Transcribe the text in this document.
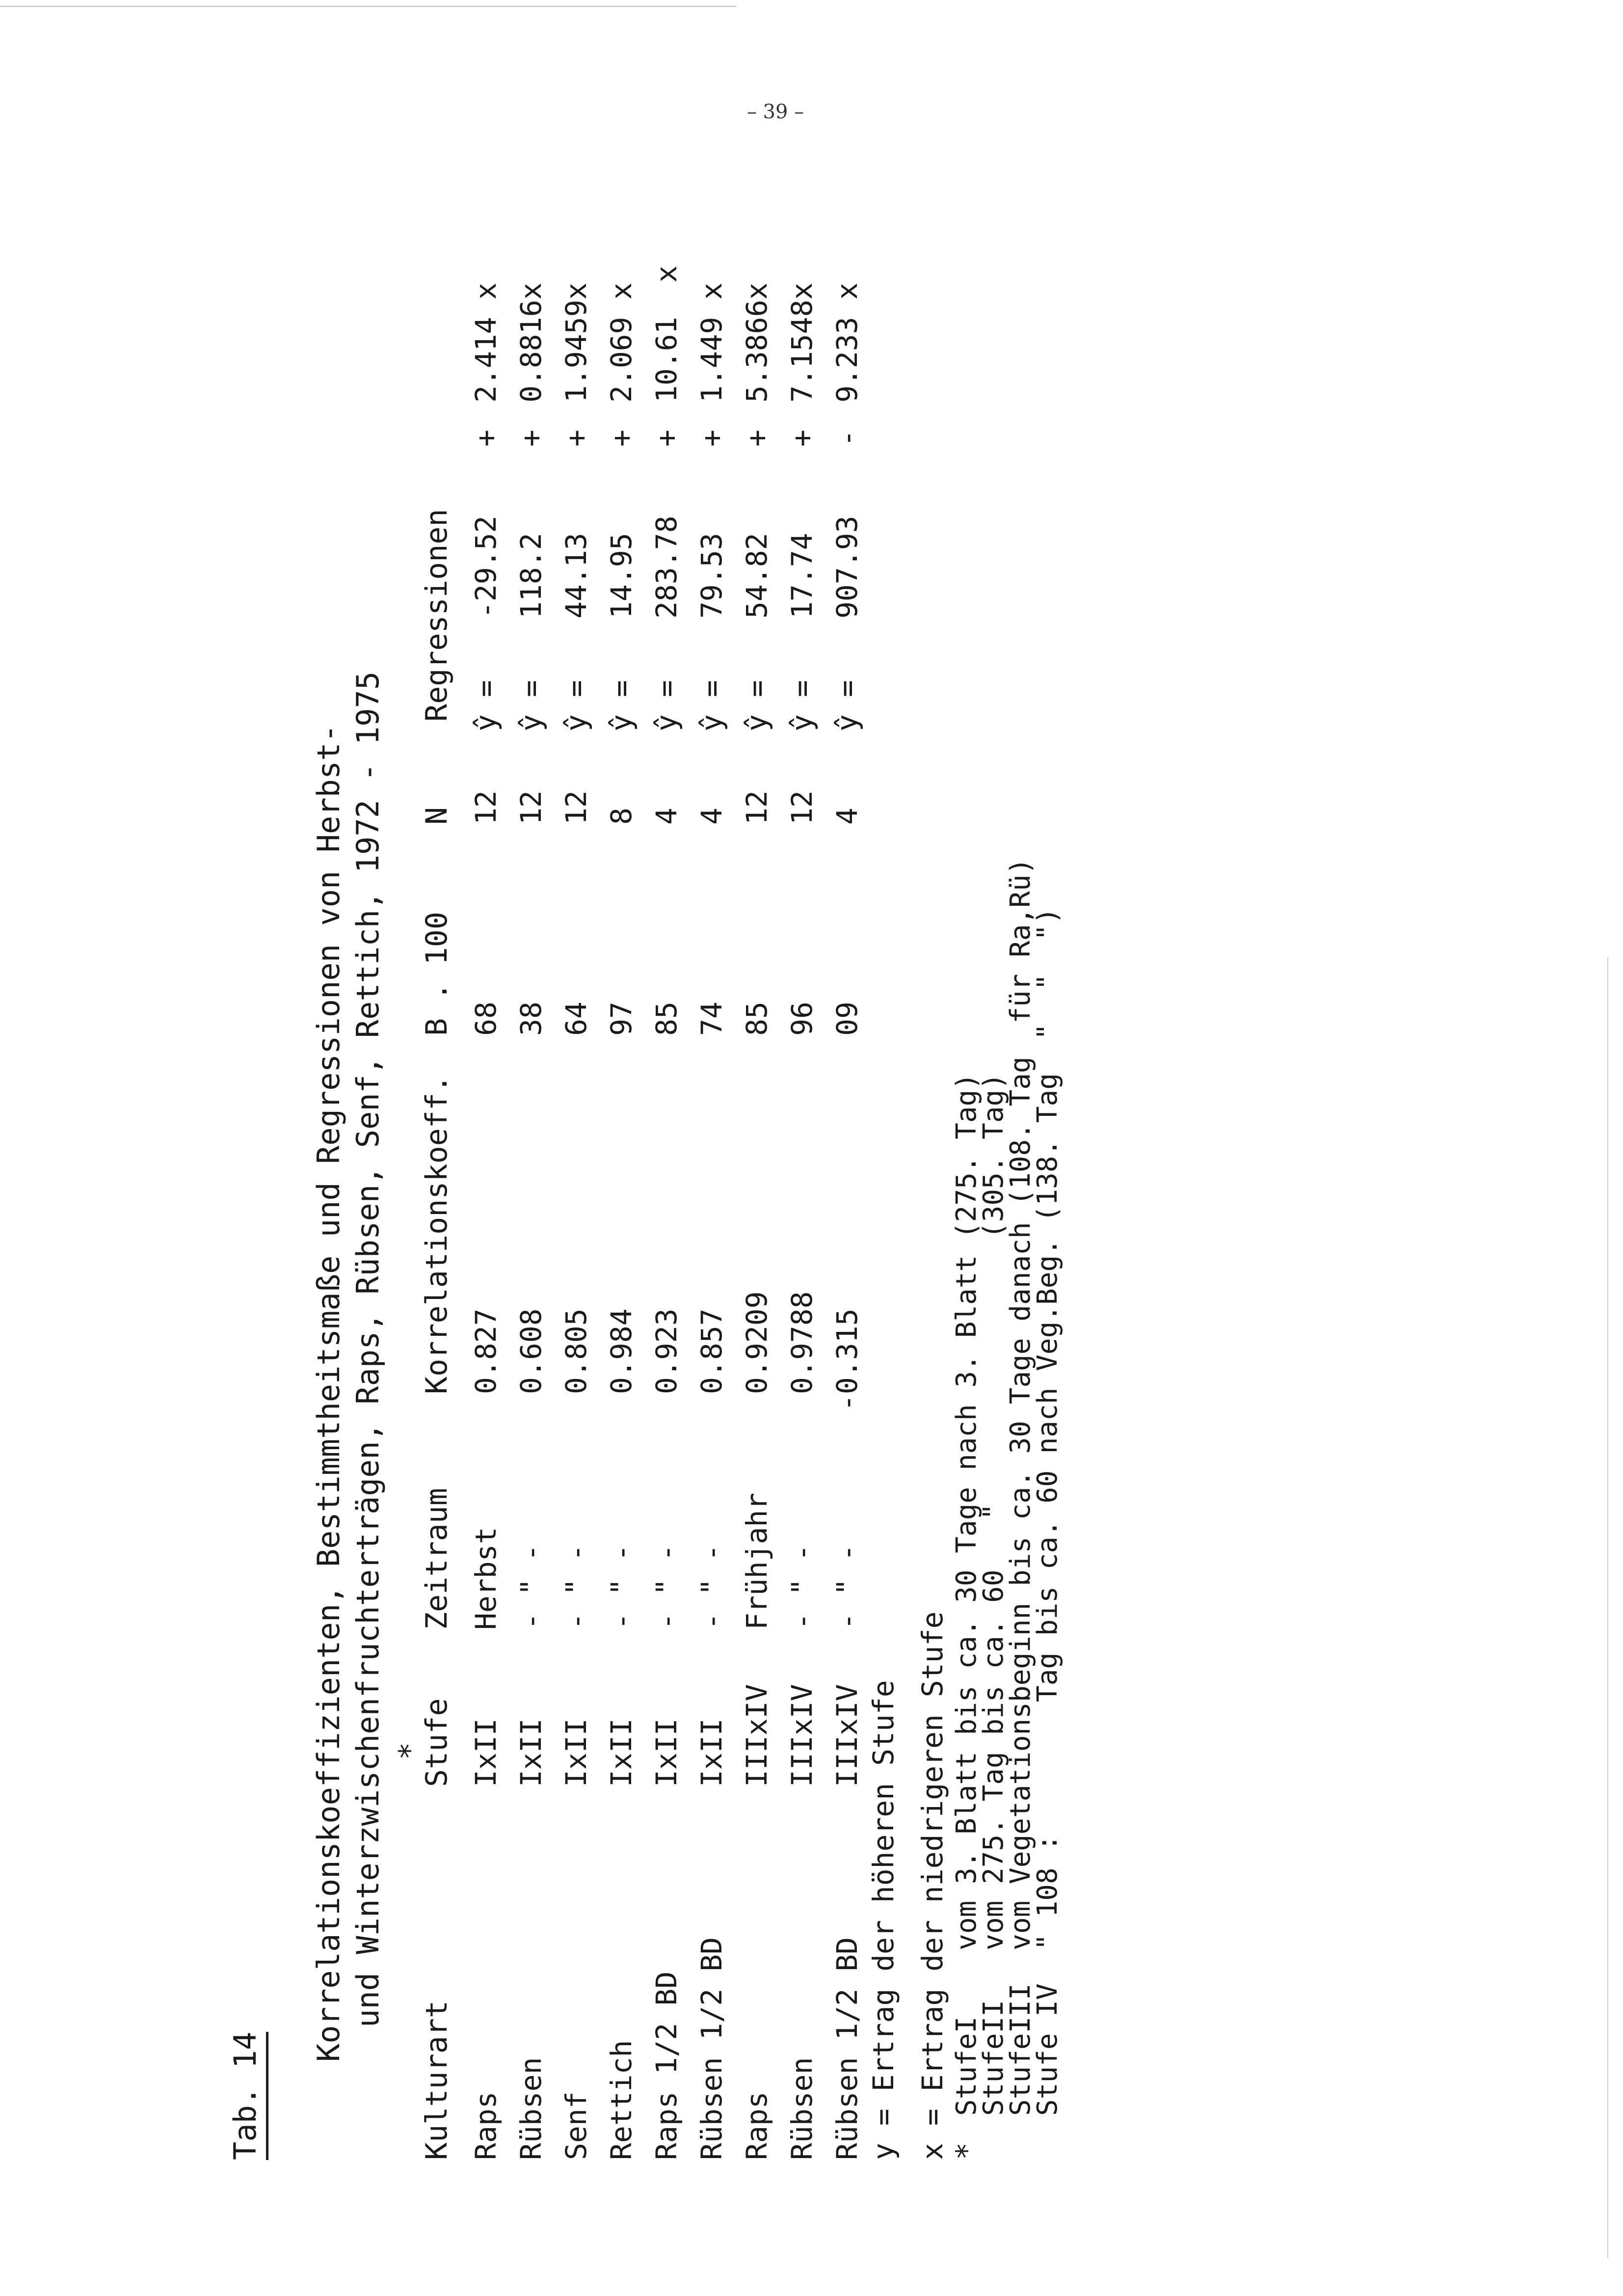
– 39 –

Tab. 14

Korrelationskoeffizienten, Bestimmtheitsmaße und Regressionen von Herbst-

und Winterzwischenfruchterträgen, Raps, Rübsen, Senf, Rettich, 1972 - 1975

Kulturart

Stufe

*

Zeitraum

Korrelationskoeff.

B . 100

N

Regressionen

Raps
IxII
Herbst
0.827
68
12
ŷ =
-29.52
+
2.414 x
Rübsen
IxII
- " -
0.608
38
12
ŷ =
118.2
+
0.8816x
Senf
IxII
- " -
0.805
64
12
ŷ =
44.13
+
1.9459x
Rettich
IxII
- " -
0.984
97
8
ŷ =
14.95
+
2.069 x
Raps 1/2 BD
IxII
- " -
0.923
85
4
ŷ =
283.78
+
10.61  x
Rübsen 1/2 BD
IxII
- " -
0.857
74
4
ŷ =
79.53
+
1.449 x
Raps
IIIxIV
Frühjahr
0.9209
85
12
ŷ =
54.82
+
5.3866x
Rübsen
IIIxIV
- " -
0.9788
96
12
ŷ =
17.74
+
7.1548x
Rübsen 1/2 BD
IIIxIV
- " -
-0.315
09
4
ŷ =
907.93
-
9.233 x

y = Ertrag der höheren Stufe

x = Ertrag der niedrigeren Stufe

*

StufeI    vom 3. Blatt bis ca. 30 Tage nach 3. Blatt (275. Tag)

StufeII   vom 275. Tag bis ca. 60   "                (305. Tag)

StufeIII  vom Vegetationsbeginn bis ca. 30 Tage danach (108. Tag  für Ra,Rü)

Stufe IV  " 108 :        Tag bis ca. 60 nach Veg.Beg. (138. Tag  "  "  ")
